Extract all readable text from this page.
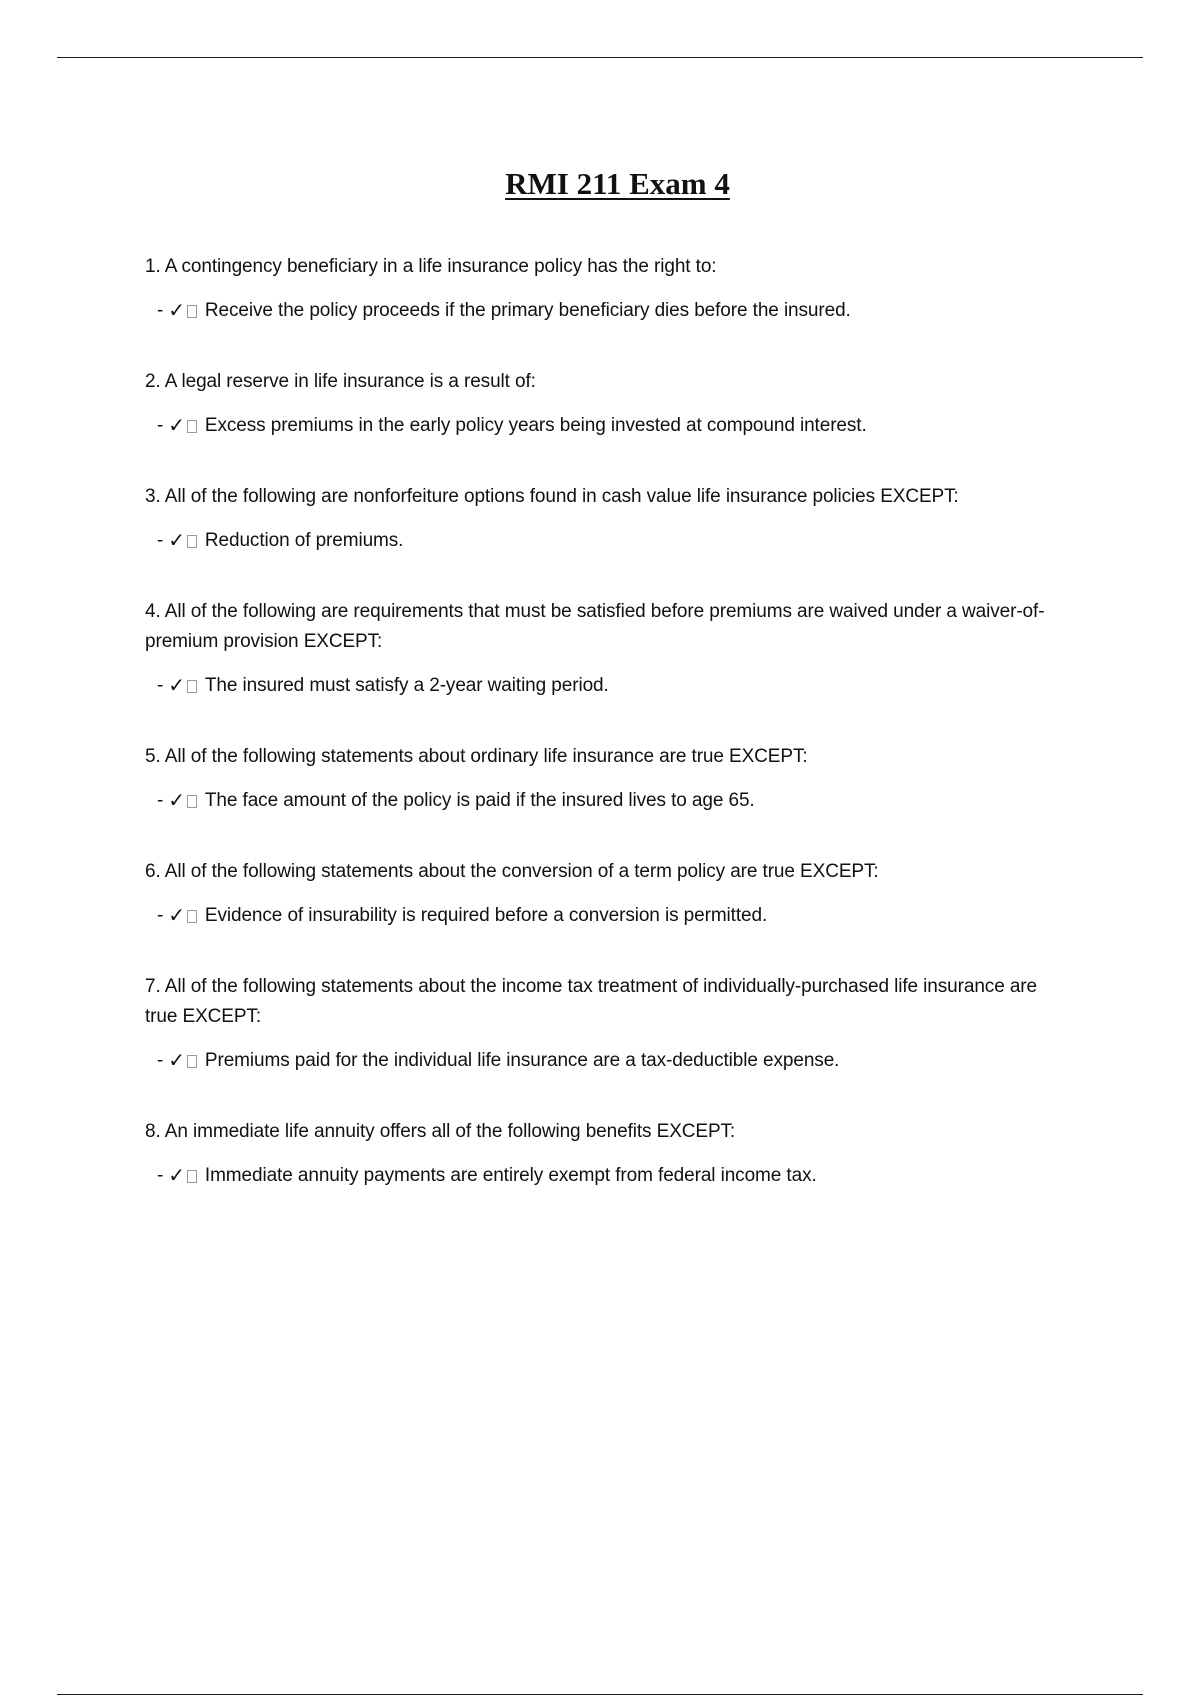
RMI 211 Exam 4

1. A contingency beneficiary in a life insurance policy has the right to:

- ✓ Receive the policy proceeds if the primary beneficiary dies before the insured.

2. A legal reserve in life insurance is a result of:

- ✓ Excess premiums in the early policy years being invested at compound interest.

3. All of the following are nonforfeiture options found in cash value life insurance policies EXCEPT:

- ✓ Reduction of premiums.

4. All of the following are requirements that must be satisfied before premiums are waived under a waiver-of-premium provision EXCEPT:

- ✓ The insured must satisfy a 2-year waiting period.

5. All of the following statements about ordinary life insurance are true EXCEPT:

- ✓ The face amount of the policy is paid if the insured lives to age 65.

6. All of the following statements about the conversion of a term policy are true EXCEPT:

- ✓ Evidence of insurability is required before a conversion is permitted.

7. All of the following statements about the income tax treatment of individually-purchased life insurance are true EXCEPT:

- ✓ Premiums paid for the individual life insurance are a tax-deductible expense.

8. An immediate life annuity offers all of the following benefits EXCEPT:

- ✓ Immediate annuity payments are entirely exempt from federal income tax.
